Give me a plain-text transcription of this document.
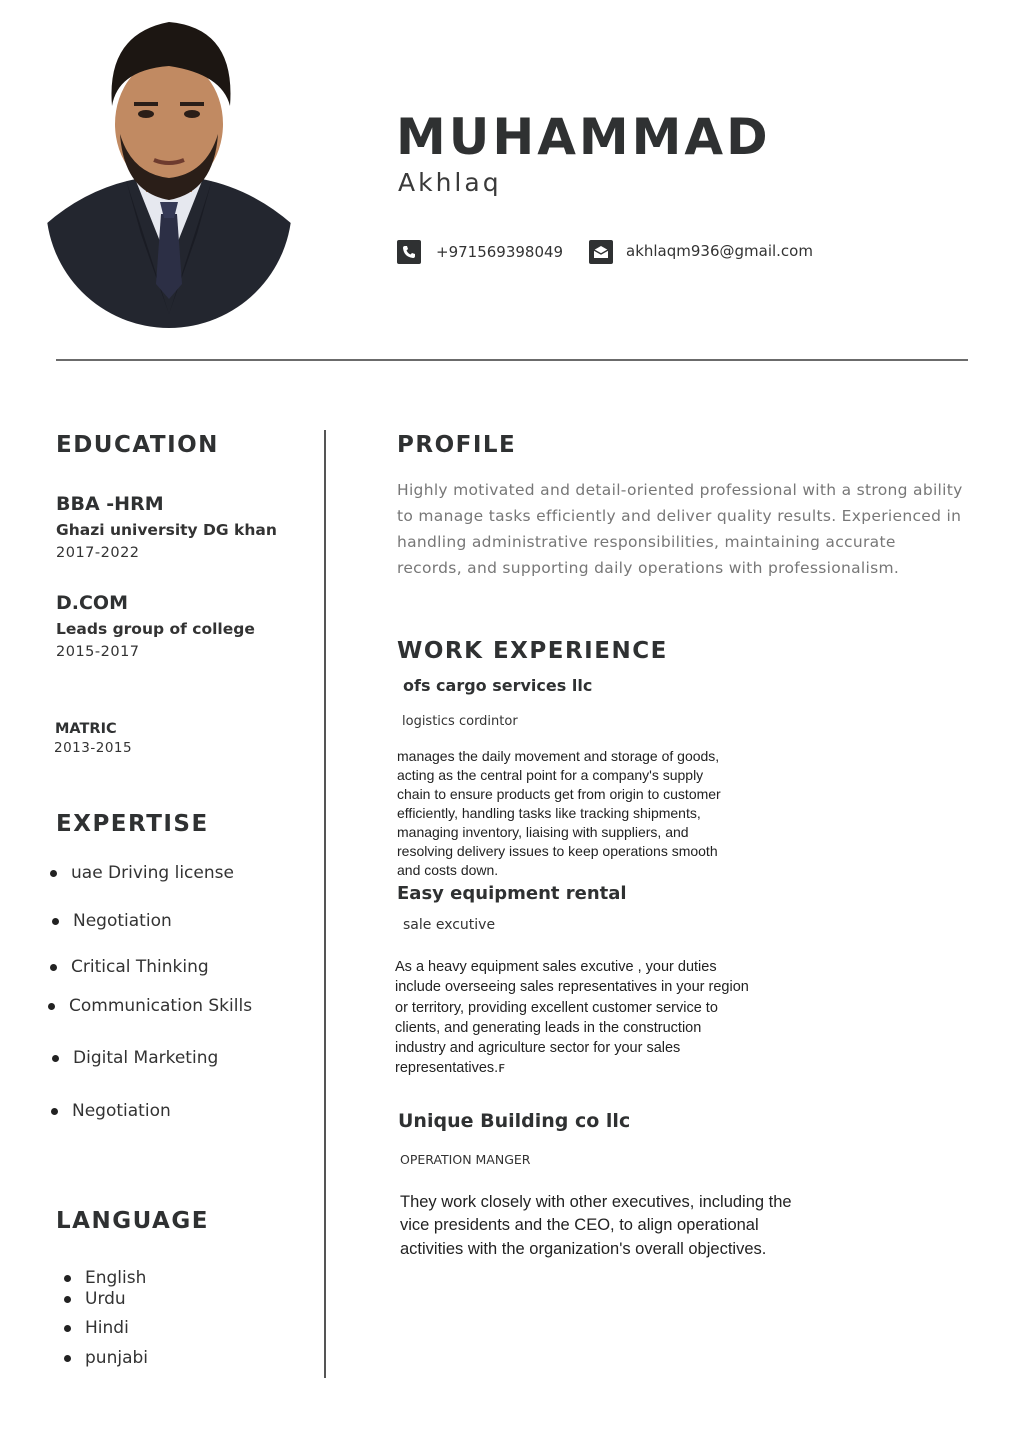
MUHAMMAD
Akhlaq
+971569398049	akhlaqm936@gmail.com
EDUCATION
BBA -HRM
Ghazi university DG khan
2017-2022
D.COM
Leads group of college
2015-2017
MATRIC
2013-2015
EXPERTISE
uae Driving license
Negotiation
Critical Thinking
Communication Skills
Digital Marketing
Negotiation
LANGUAGE
English
Urdu
Hindi
punjabi
PROFILE
Highly motivated and detail-oriented professional with a strong ability to manage tasks efficiently and deliver quality results. Experienced in handling administrative responsibilities, maintaining accurate records, and supporting daily operations with professionalism.
WORK EXPERIENCE
ofs cargo services llc
logistics cordintor
manages the daily movement and storage of goods, acting as the central point for a company's supply chain to ensure products get from origin to customer efficiently, handling tasks like tracking shipments, managing inventory, liaising with suppliers, and resolving delivery issues to keep operations smooth and costs down.
Easy equipment rental
sale excutive
As a heavy equipment sales excutive , your duties include overseeing sales representatives in your region or territory, providing excellent customer service to clients, and generating leads in the construction industry and agriculture sector for your sales representatives.ꜰ
Unique Building co llc
OPERATION MANGER
They work closely with other executives, including the vice presidents and the CEO, to align operational activities with the organization's overall objectives.
